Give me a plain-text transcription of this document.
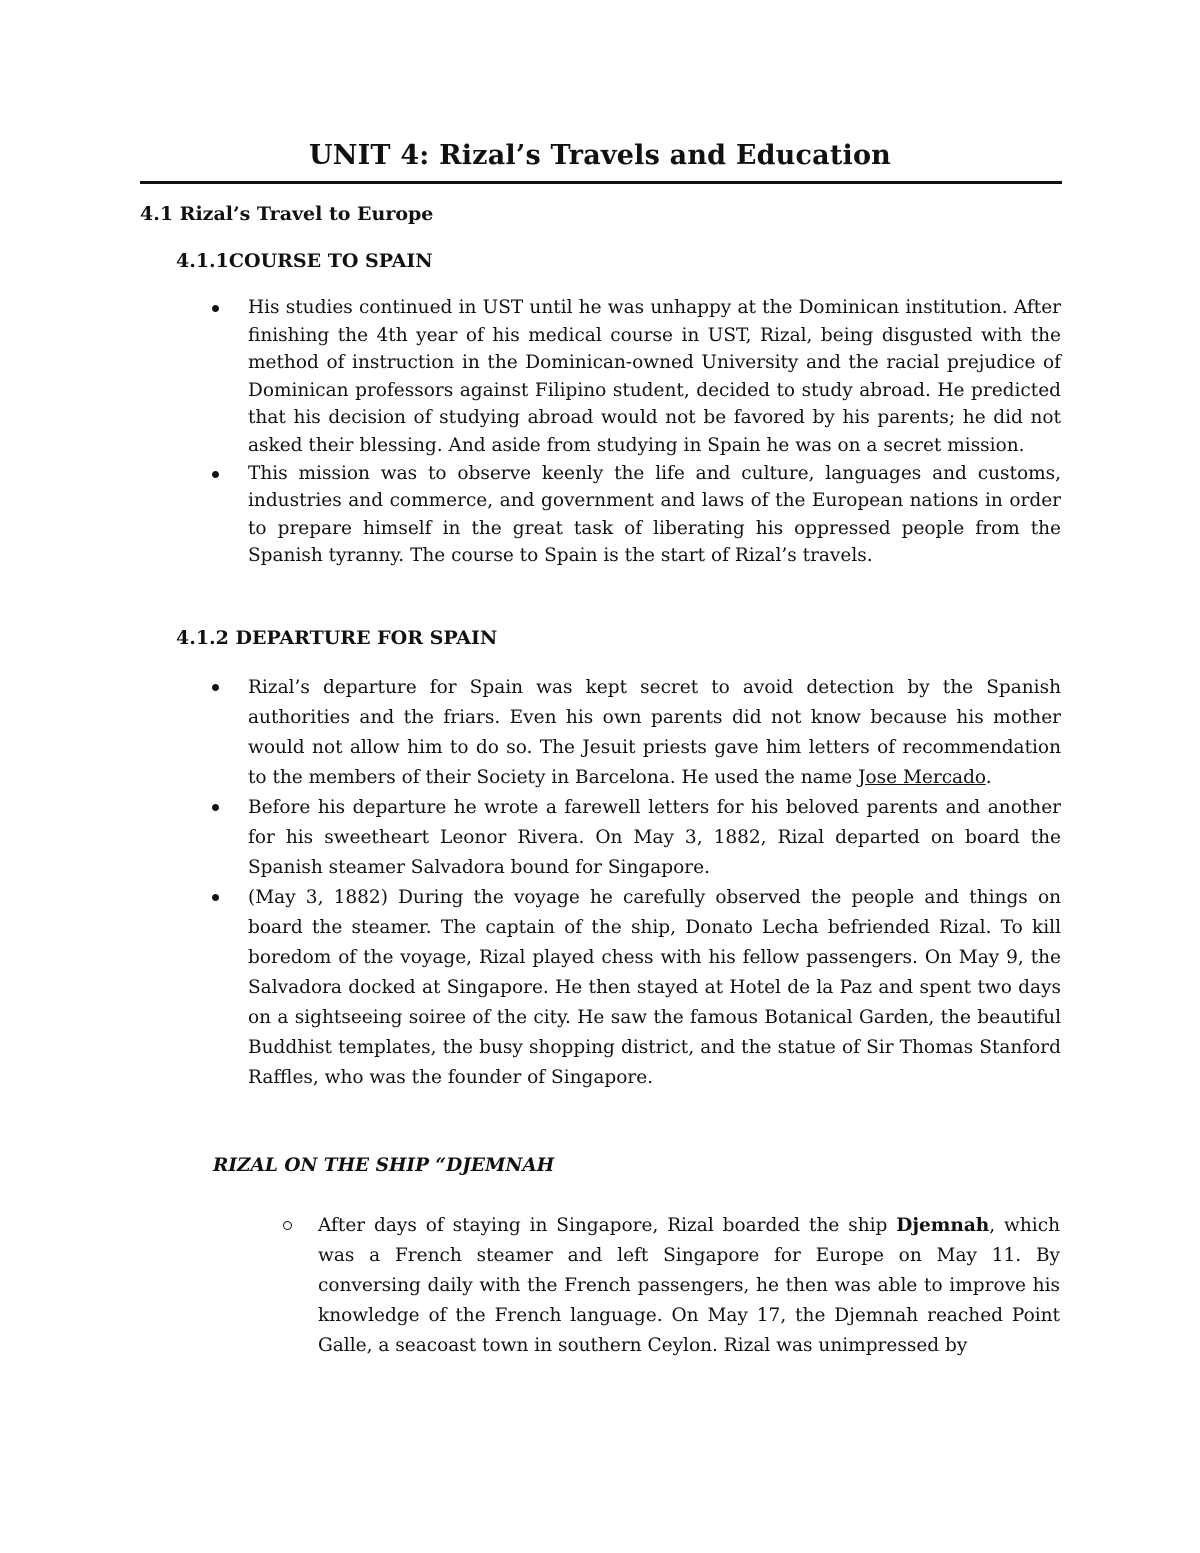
UNIT 4: Rizal’s Travels and Education
4.1 Rizal’s Travel to Europe
4.1.1COURSE TO SPAIN
His studies continued in UST until he was unhappy at the Dominican institution. After finishing the 4th year of his medical course in UST, Rizal, being disgusted with the method of instruction in the Dominican-owned University and the racial prejudice of Dominican professors against Filipino student, decided to study abroad. He predicted that his decision of studying abroad would not be favored by his parents; he did not asked their blessing. And aside from studying in Spain he was on a secret mission.
This mission was to observe keenly the life and culture, languages and customs, industries and commerce, and government and laws of the European nations in order to prepare himself in the great task of liberating his oppressed people from the Spanish tyranny. The course to Spain is the start of Rizal’s travels.
4.1.2 DEPARTURE FOR SPAIN
Rizal’s departure for Spain was kept secret to avoid detection by the Spanish authorities and the friars. Even his own parents did not know because his mother would not allow him to do so. The Jesuit priests gave him letters of recommendation to the members of their Society in Barcelona. He used the name Jose Mercado.
Before his departure he wrote a farewell letters for his beloved parents and another for his sweetheart Leonor Rivera. On May 3, 1882, Rizal departed on board the Spanish steamer Salvadora bound for Singapore.
(May 3, 1882) During the voyage he carefully observed the people and things on board the steamer. The captain of the ship, Donato Lecha befriended Rizal. To kill boredom of the voyage, Rizal played chess with his fellow passengers. On May 9, the Salvadora docked at Singapore. He then stayed at Hotel de la Paz and spent two days on a sightseeing soiree of the city. He saw the famous Botanical Garden, the beautiful Buddhist templates, the busy shopping district, and the statue of Sir Thomas Stanford Raffles, who was the founder of Singapore.
RIZAL ON THE SHIP “DJEMNAH
After days of staying in Singapore, Rizal boarded the ship Djemnah, which was a French steamer and left Singapore for Europe on May 11. By conversing daily with the French passengers, he then was able to improve his knowledge of the French language. On May 17, the Djemnah reached Point Galle, a seacoast town in southern Ceylon. Rizal was unimpressed by
